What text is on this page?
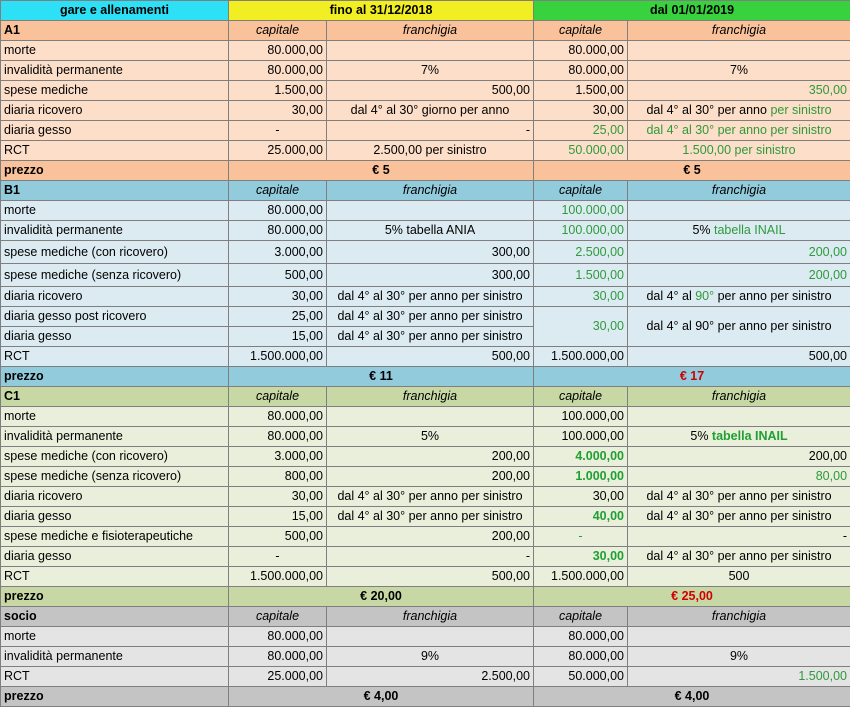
gare e allenamenti	fino al 31/12/2018		dal 01/01/2019	
A1	capitale	franchigia	capitale	franchigia
morte	80.000,00		80.000,00	
invalidità permanente	80.000,00	7%	80.000,00	7%
spese mediche	1.500,00	500,00	1.500,00	350,00
diaria ricovero	30,00	dal 4° al 30° giorno per anno	30,00	dal 4° al 30° per anno per sinistro
diaria gesso	-	-	25,00	dal 4° al 30° per anno per sinistro
RCT	25.000,00	2.500,00 per sinistro	50.000,00	1.500,00 per sinistro
prezzo	€ 5		€ 5	
B1	capitale	franchigia	capitale	franchigia
morte	80.000,00		100.000,00	
invalidità permanente	80.000,00	5% tabella ANIA	100.000,00	5% tabella INAIL
spese mediche (con ricovero)	3.000,00	300,00	2.500,00	200,00
spese mediche (senza ricovero)	500,00	300,00	1.500,00	200,00
diaria ricovero	30,00	dal 4° al 30° per anno per sinistro	30,00	dal 4° al 90° per anno per sinistro
diaria gesso post ricovero	25,00	dal 4° al 30° per anno per sinistro	30,00	dal 4° al 90° per anno per sinistro
diaria gesso	15,00	dal 4° al 30° per anno per sinistro		
RCT	1.500.000,00	500,00	1.500.000,00	500,00
prezzo	€ 11		€ 17	
C1	capitale	franchigia	capitale	franchigia
morte	80.000,00		100.000,00	
invalidità permanente	80.000,00	5%	100.000,00	5% tabella INAIL
spese mediche (con ricovero)	3.000,00	200,00	4.000,00	200,00
spese mediche (senza ricovero)	800,00	200,00	1.000,00	80,00
diaria ricovero	30,00	dal 4° al 30° per anno per sinistro	30,00	dal 4° al 30° per anno per sinistro
diaria gesso	15,00	dal 4° al 30° per anno per sinistro	40,00	dal 4° al 30° per anno per sinistro
spese mediche e fisioterapeutiche	500,00	200,00	-	-
diaria gesso	-	-	30,00	dal 4° al 30° per anno per sinistro
RCT	1.500.000,00	500,00	1.500.000,00	500
prezzo	€ 20,00		€ 25,00	
socio	capitale	franchigia	capitale	franchigia
morte	80.000,00		80.000,00	
invalidità permanente	80.000,00	9%	80.000,00	9%
RCT	25.000,00	2.500,00	50.000,00	1.500,00
prezzo	€ 4,00		€ 4,00	
